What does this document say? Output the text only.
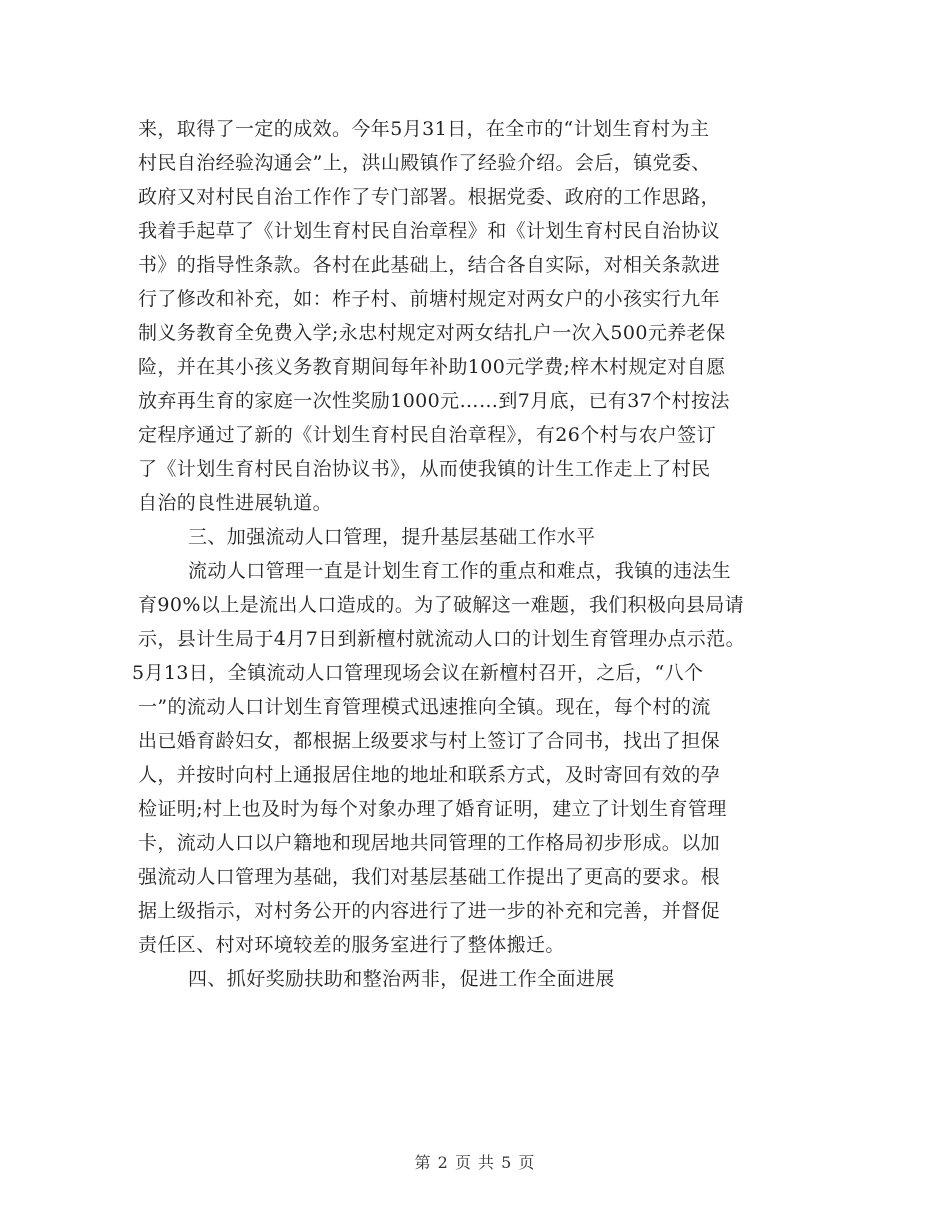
来，取得了一定的成效。今年5月31日，在全市的“计划生育村为主
村民自治经验沟通会”上，洪山殿镇作了经验介绍。会后，镇党委、
政府又对村民自治工作作了专门部署。根据党委、政府的工作思路，
我着手起草了《计划生育村民自治章程》和《计划生育村民自治协议
书》的指导性条款。各村在此基础上，结合各自实际，对相关条款进
行了修改和补充，如：柞子村、前塘村规定对两女户的小孩实行九年
制义务教育全免费入学;永忠村规定对两女结扎户一次入500元养老保
险，并在其小孩义务教育期间每年补助100元学费;梓木村规定对自愿
放弃再生育的家庭一次性奖励1000元……到7月底，已有37个村按法
定程序通过了新的《计划生育村民自治章程》，有26个村与农户签订
了《计划生育村民自治协议书》，从而使我镇的计生工作走上了村民
自治的良性进展轨道。
三、加强流动人口管理，提升基层基础工作水平
流动人口管理一直是计划生育工作的重点和难点，我镇的违法生
育90%以上是流出人口造成的。为了破解这一难题，我们积极向县局请
示，县计生局于4月7日到新檀村就流动人口的计划生育管理办点示范。
5月13日，全镇流动人口管理现场会议在新檀村召开，之后，“八个
一”的流动人口计划生育管理模式迅速推向全镇。现在，每个村的流
出已婚育龄妇女，都根据上级要求与村上签订了合同书，找出了担保
人，并按时向村上通报居住地的地址和联系方式，及时寄回有效的孕
检证明;村上也及时为每个对象办理了婚育证明，建立了计划生育管理
卡，流动人口以户籍地和现居地共同管理的工作格局初步形成。以加
强流动人口管理为基础，我们对基层基础工作提出了更高的要求。根
据上级指示，对村务公开的内容进行了进一步的补充和完善，并督促
责任区、村对环境较差的服务室进行了整体搬迁。
四、抓好奖励扶助和整治两非，促进工作全面进展
第 2 页 共 5 页
